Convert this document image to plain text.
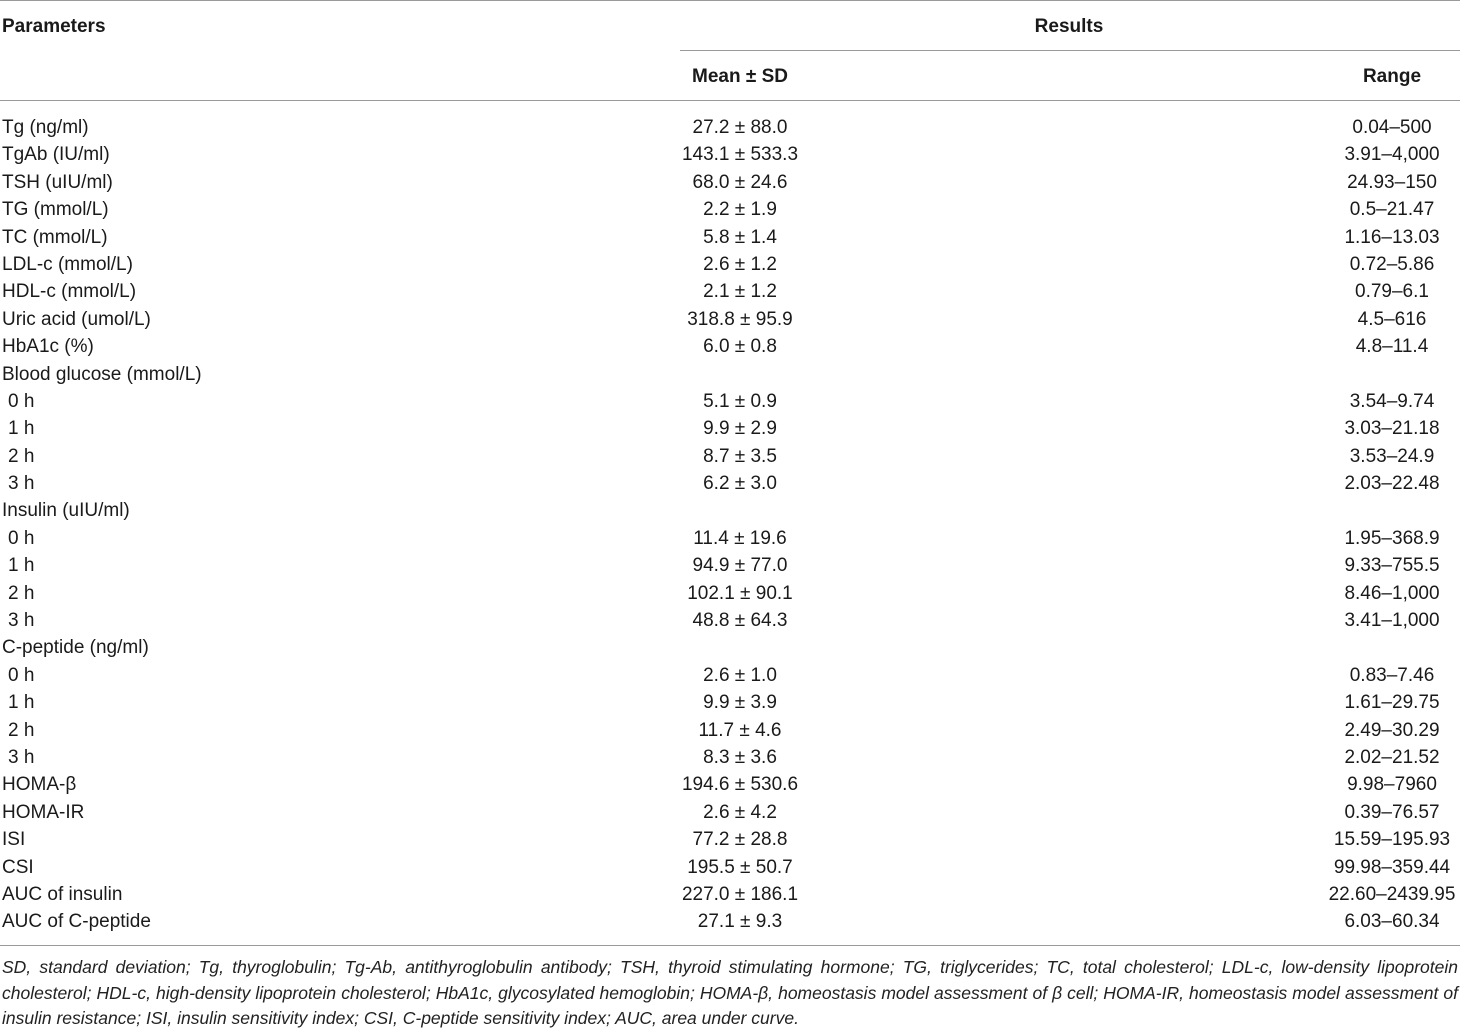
Parameters	Results
Mean ± SD	Range
Tg (ng/ml)	27.2 ± 88.0	0.04–500
TgAb (IU/ml)	143.1 ± 533.3	3.91–4,000
TSH (uIU/ml)	68.0 ± 24.6	24.93–150
TG (mmol/L)	2.2 ± 1.9	0.5–21.47
TC (mmol/L)	5.8 ± 1.4	1.16–13.03
LDL-c (mmol/L)	2.6 ± 1.2	0.72–5.86
HDL-c (mmol/L)	2.1 ± 1.2	0.79–6.1
Uric acid (umol/L)	318.8 ± 95.9	4.5–616
HbA1c (%)	6.0 ± 0.8	4.8–11.4
Blood glucose (mmol/L)
0 h	5.1 ± 0.9	3.54–9.74
1 h	9.9 ± 2.9	3.03–21.18
2 h	8.7 ± 3.5	3.53–24.9
3 h	6.2 ± 3.0	2.03–22.48
Insulin (uIU/ml)
0 h	11.4 ± 19.6	1.95–368.9
1 h	94.9 ± 77.0	9.33–755.5
2 h	102.1 ± 90.1	8.46–1,000
3 h	48.8 ± 64.3	3.41–1,000
C-peptide (ng/ml)
0 h	2.6 ± 1.0	0.83–7.46
1 h	9.9 ± 3.9	1.61–29.75
2 h	11.7 ± 4.6	2.49–30.29
3 h	8.3 ± 3.6	2.02–21.52
HOMA-β	194.6 ± 530.6	9.98–7960
HOMA-IR	2.6 ± 4.2	0.39–76.57
ISI	77.2 ± 28.8	15.59–195.93
CSI	195.5 ± 50.7	99.98–359.44
AUC of insulin	227.0 ± 186.1	22.60–2439.95
AUC of C-peptide	27.1 ± 9.3	6.03–60.34
SD, standard deviation; Tg, thyroglobulin; Tg-Ab, antithyroglobulin antibody; TSH, thyroid stimulating hormone; TG, triglycerides; TC, total cholesterol; LDL-c, low-density lipoprotein cholesterol; HDL-c, high-density lipoprotein cholesterol; HbA1c, glycosylated hemoglobin; HOMA-β, homeostasis model assessment of β cell; HOMA-IR, homeostasis model assessment of insulin resistance; ISI, insulin sensitivity index; CSI, C-peptide sensitivity index; AUC, area under curve.
